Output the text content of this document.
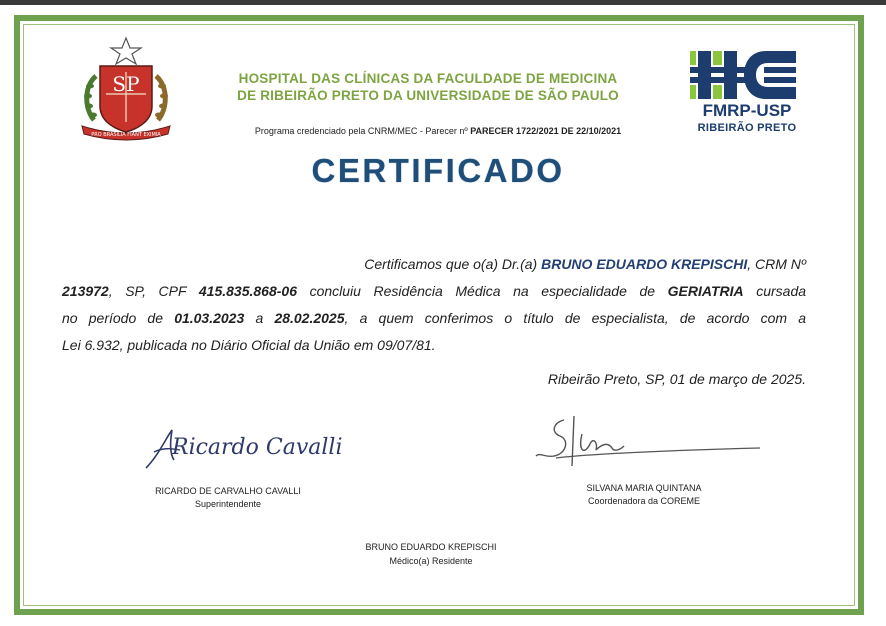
SP
PRO BRASILIA FIANT EXIMIA
HOSPITAL DAS CLÍNICAS DA FACULDADE DE MEDICINA
DE RIBEIRÃO PRETO DA UNIVERSIDADE DE SÃO PAULO
Programa credenciado pela CNRM/MEC - Parecer nº PARECER 1722/2021 DE 22/10/2021
FMRP-USP
RIBEIRÃO PRETO
CERTIFICADO
Certificamos que o(a) Dr.(a) BRUNO EDUARDO KREPISCHI, CRM Nº
213972, SP, CPF 415.835.868-06 concluiu Residência Médica na especialidade de GERIATRIA cursada
no período de 01.03.2023 a 28.02.2025, a quem conferimos o título de especialista, de acordo com a
Lei 6.932, publicada no Diário Oficial da União em 09/07/81.
Ribeirão Preto, SP, 01 de março de 2025.
Ricardo Cavalli
RICARDO DE CARVALHO CAVALLI
Superintendente
SILVANA MARIA QUINTANA
Coordenadora da COREME
BRUNO EDUARDO KREPISCHI
Médico(a) Residente
